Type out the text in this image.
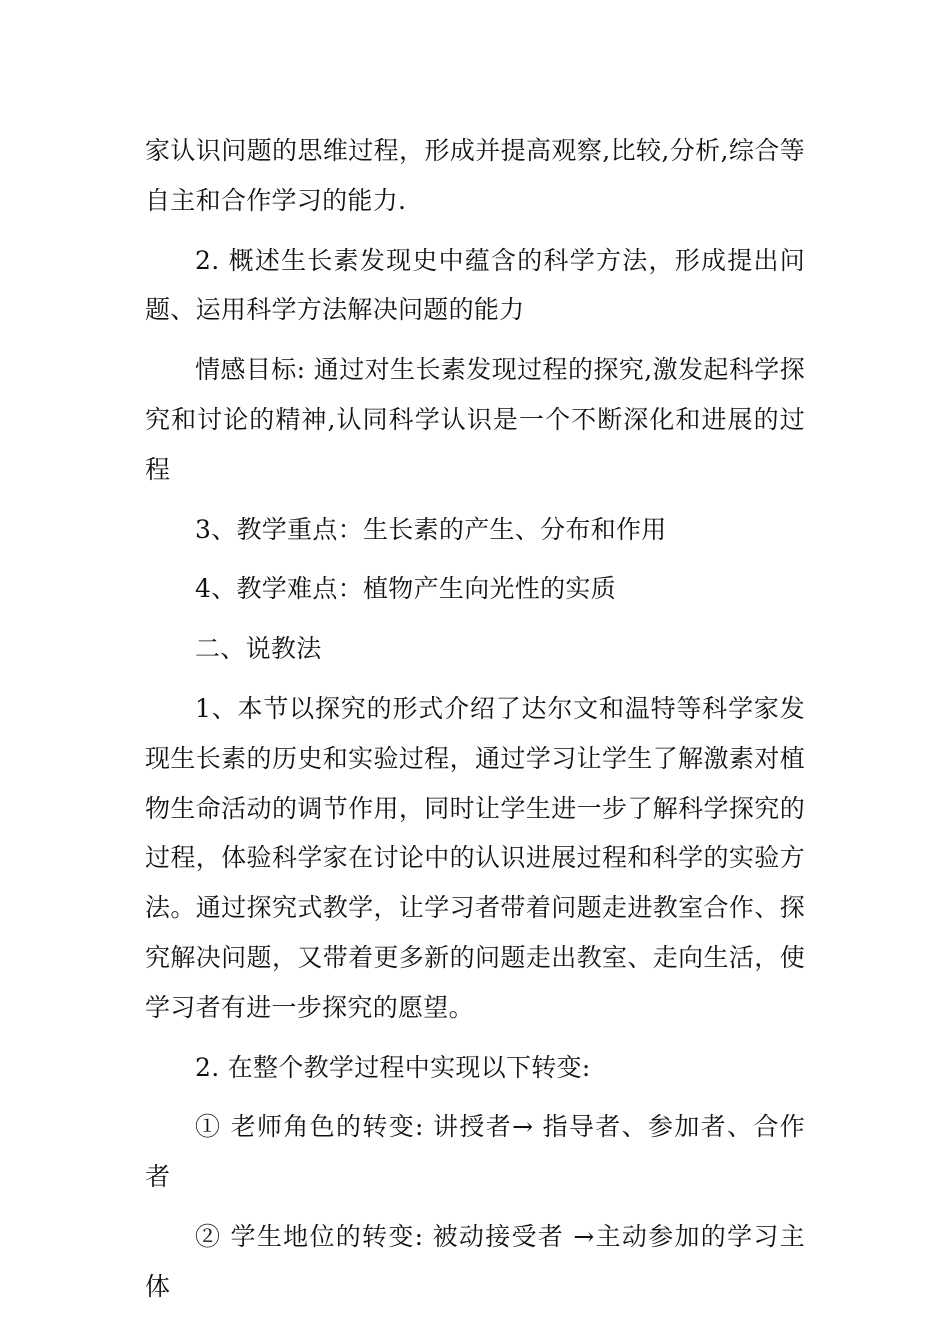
家认识问题的思维过程，形成并提高观察,比较,分析,综合等自主和合作学习的能力.

2. 概述生长素发现史中蕴含的科学方法，形成提出问题、运用科学方法解决问题的能力

情感目标: 通过对生长素发现过程的探究,激发起科学探究和讨论的精神,认同科学认识是一个不断深化和进展的过程

3、教学重点：生长素的产生、分布和作用

4、教学难点：植物产生向光性的实质

二、说教法

1、本节以探究的形式介绍了达尔文和温特等科学家发现生长素的历史和实验过程，通过学习让学生了解激素对植物生命活动的调节作用，同时让学生进一步了解科学探究的过程，体验科学家在讨论中的认识进展过程和科学的实验方法。通过探究式教学，让学习者带着问题走进教室合作、探究解决问题，又带着更多新的问题走出教室、走向生活，使学习者有进一步探究的愿望。

2. 在整个教学过程中实现以下转变:

① 老师角色的转变: 讲授者→ 指导者、参加者、合作者

② 学生地位的转变: 被动接受者 →主动参加的学习主体
